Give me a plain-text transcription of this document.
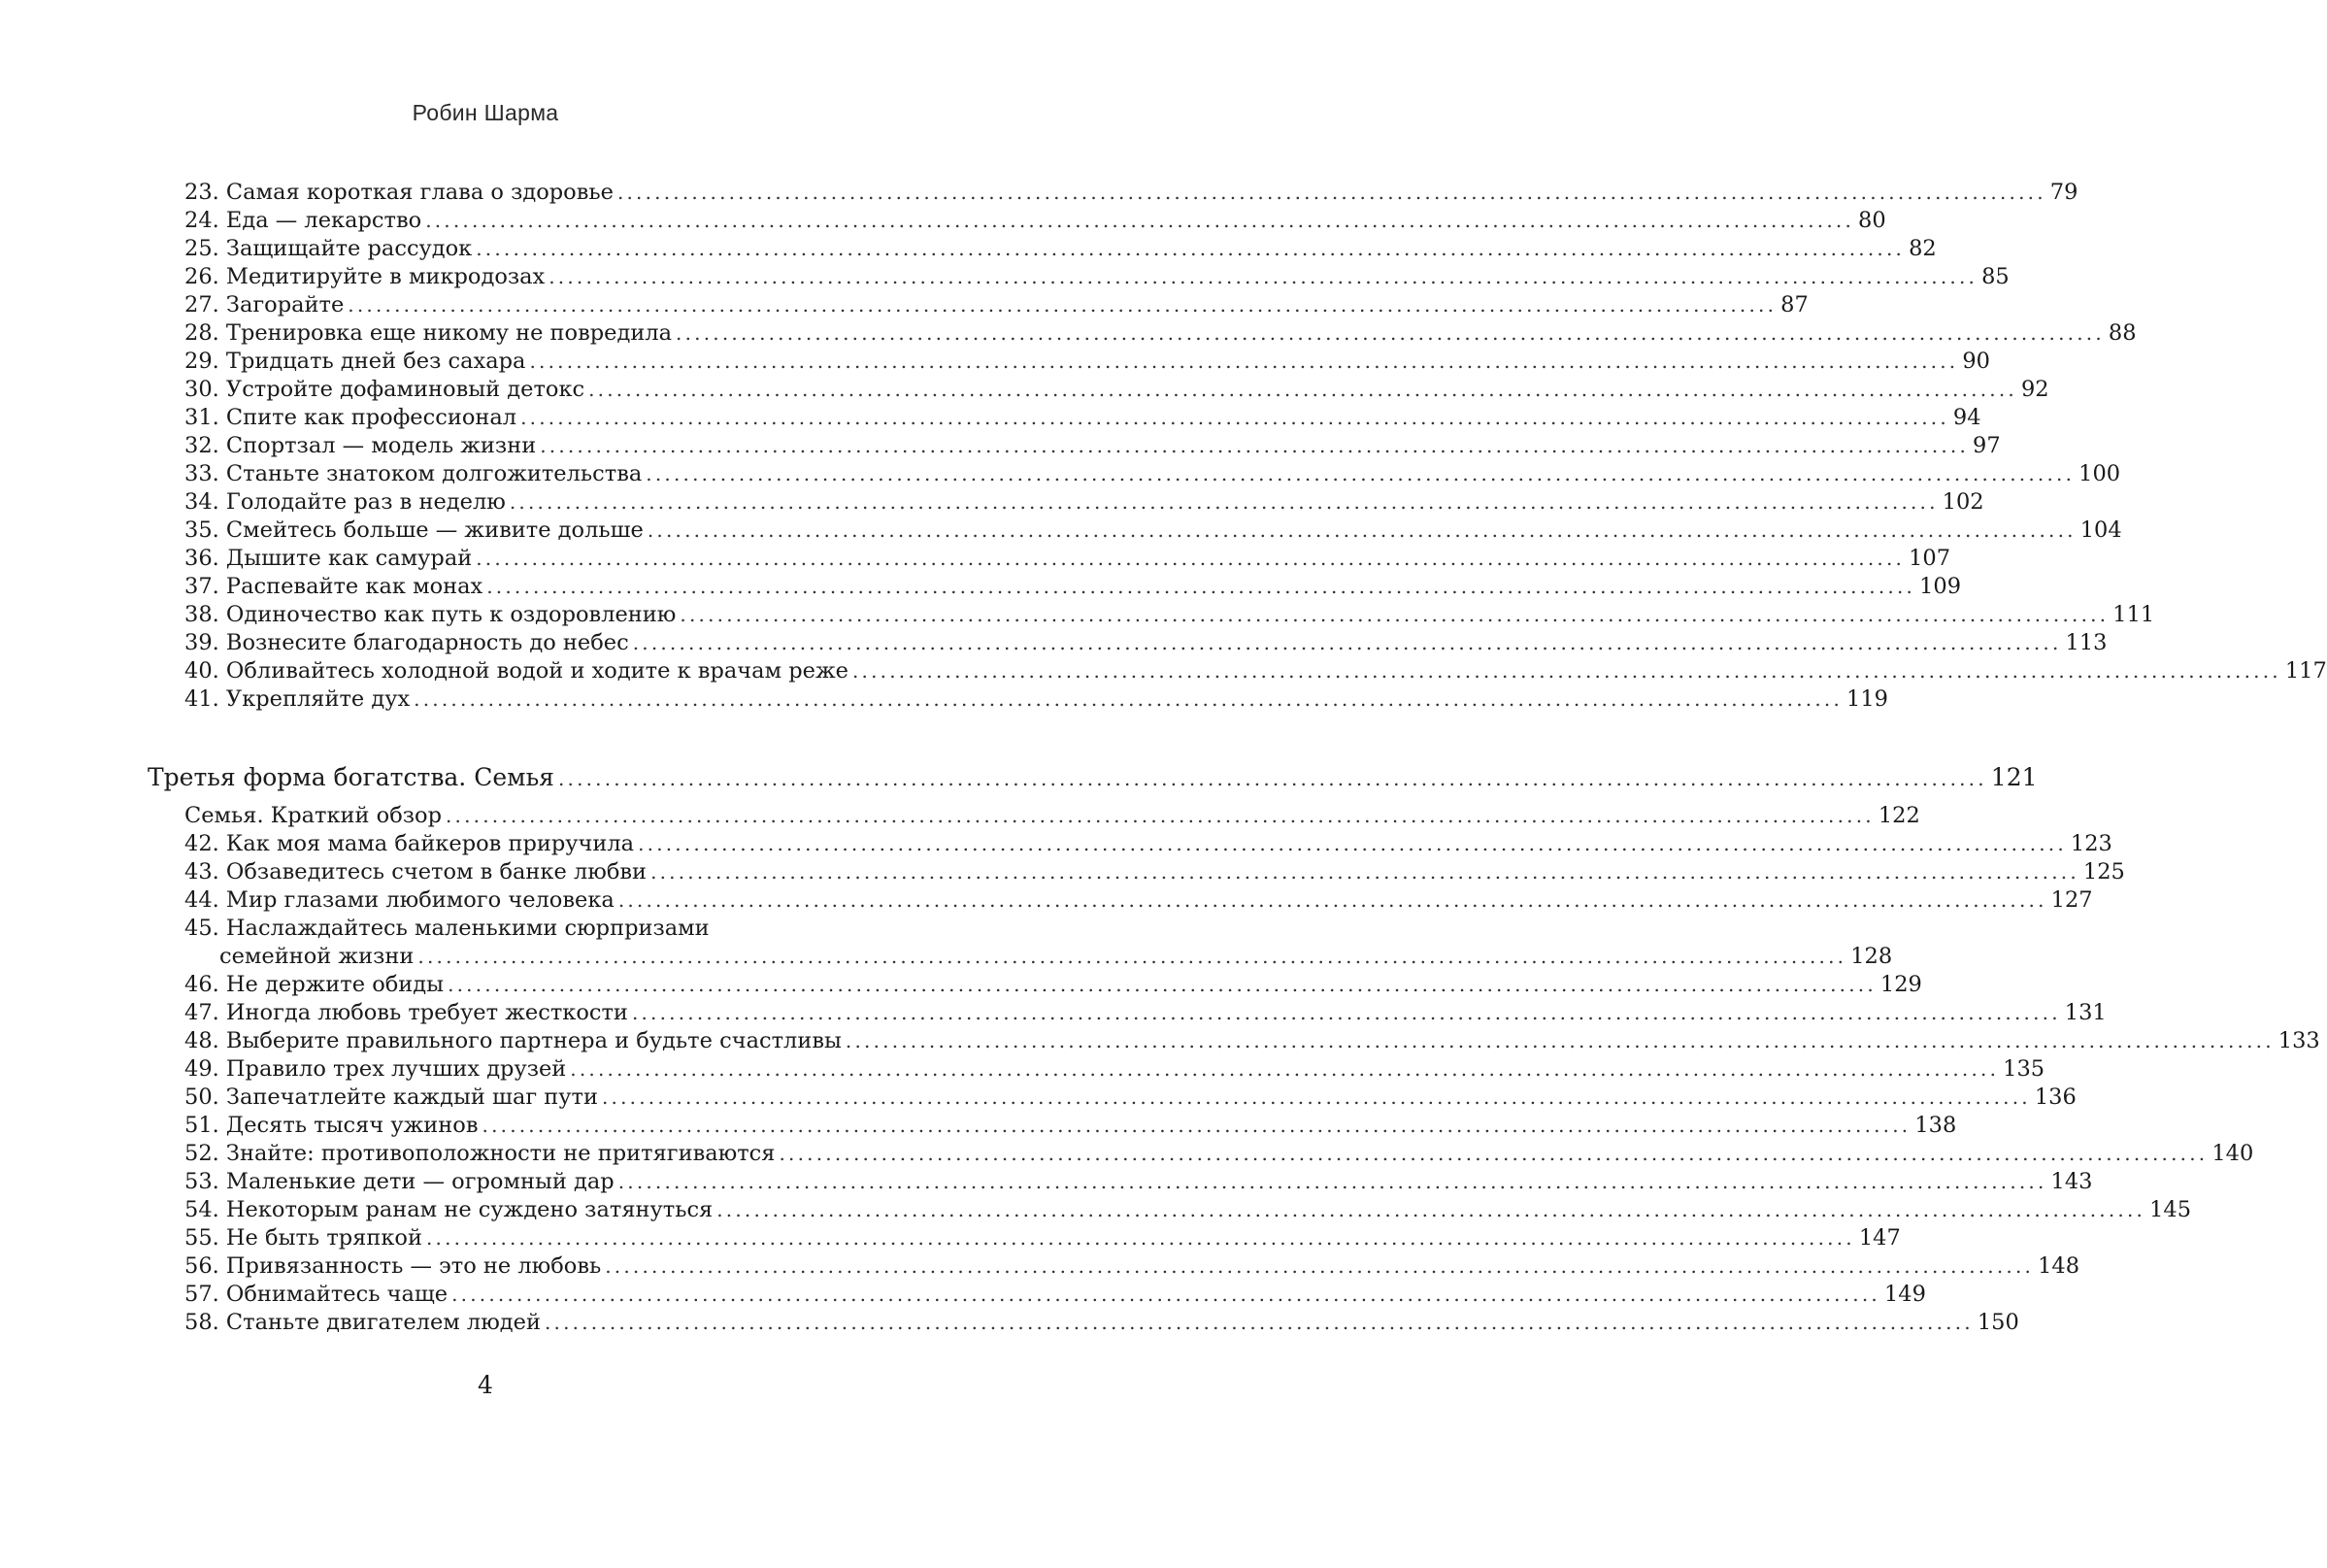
Робин Шарма
23. Самая короткая глава о здоровье .....	79
24. Еда — лекарство .....	80
25. Защищайте рассудок .....	82
26. Медитируйте в микродозах .....	85
27. Загорайте .....	87
28. Тренировка еще никому не повредила .....	88
29. Тридцать дней без сахара .....	90
30. Устройте дофаминовый детокс .....	92
31. Спите как профессионал .....	94
32. Спортзал — модель жизни .....	97
33. Станьте знатоком долгожительства .....	100
34. Голодайте раз в неделю .....	102
35. Смейтесь больше — живите дольше .....	104
36. Дышите как самурай .....	107
37. Распевайте как монах .....	109
38. Одиночество как путь к оздоровлению .....	111
39. Вознесите благодарность до небес .....	113
40. Обливайтесь холодной водой и ходите к врачам реже .....	117
41. Укрепляйте дух .....	119
Третья форма богатства. Семья .....	121
Семья. Краткий обзор .....	122
42. Как моя мама байкеров приручила .....	123
43. Обзаведитесь счетом в банке любви .....	125
44. Мир глазами любимого человека .....	127
45. Наслаждайтесь маленькими сюрпризами
семейной жизни .....	128
46. Не держите обиды .....	129
47. Иногда любовь требует жесткости .....	131
48. Выберите правильного партнера и будьте счастливы .....	133
49. Правило трех лучших друзей .....	135
50. Запечатлейте каждый шаг пути .....	136
51. Десять тысяч ужинов .....	138
52. Знайте: противоположности не притягиваются .....	140
53. Маленькие дети — огромный дар .....	143
54. Некоторым ранам не суждено затянуться .....	145
55. Не быть тряпкой .....	147
56. Привязанность — это не любовь .....	148
57. Обнимайтесь чаще .....	149
58. Станьте двигателем людей .....	150
4
